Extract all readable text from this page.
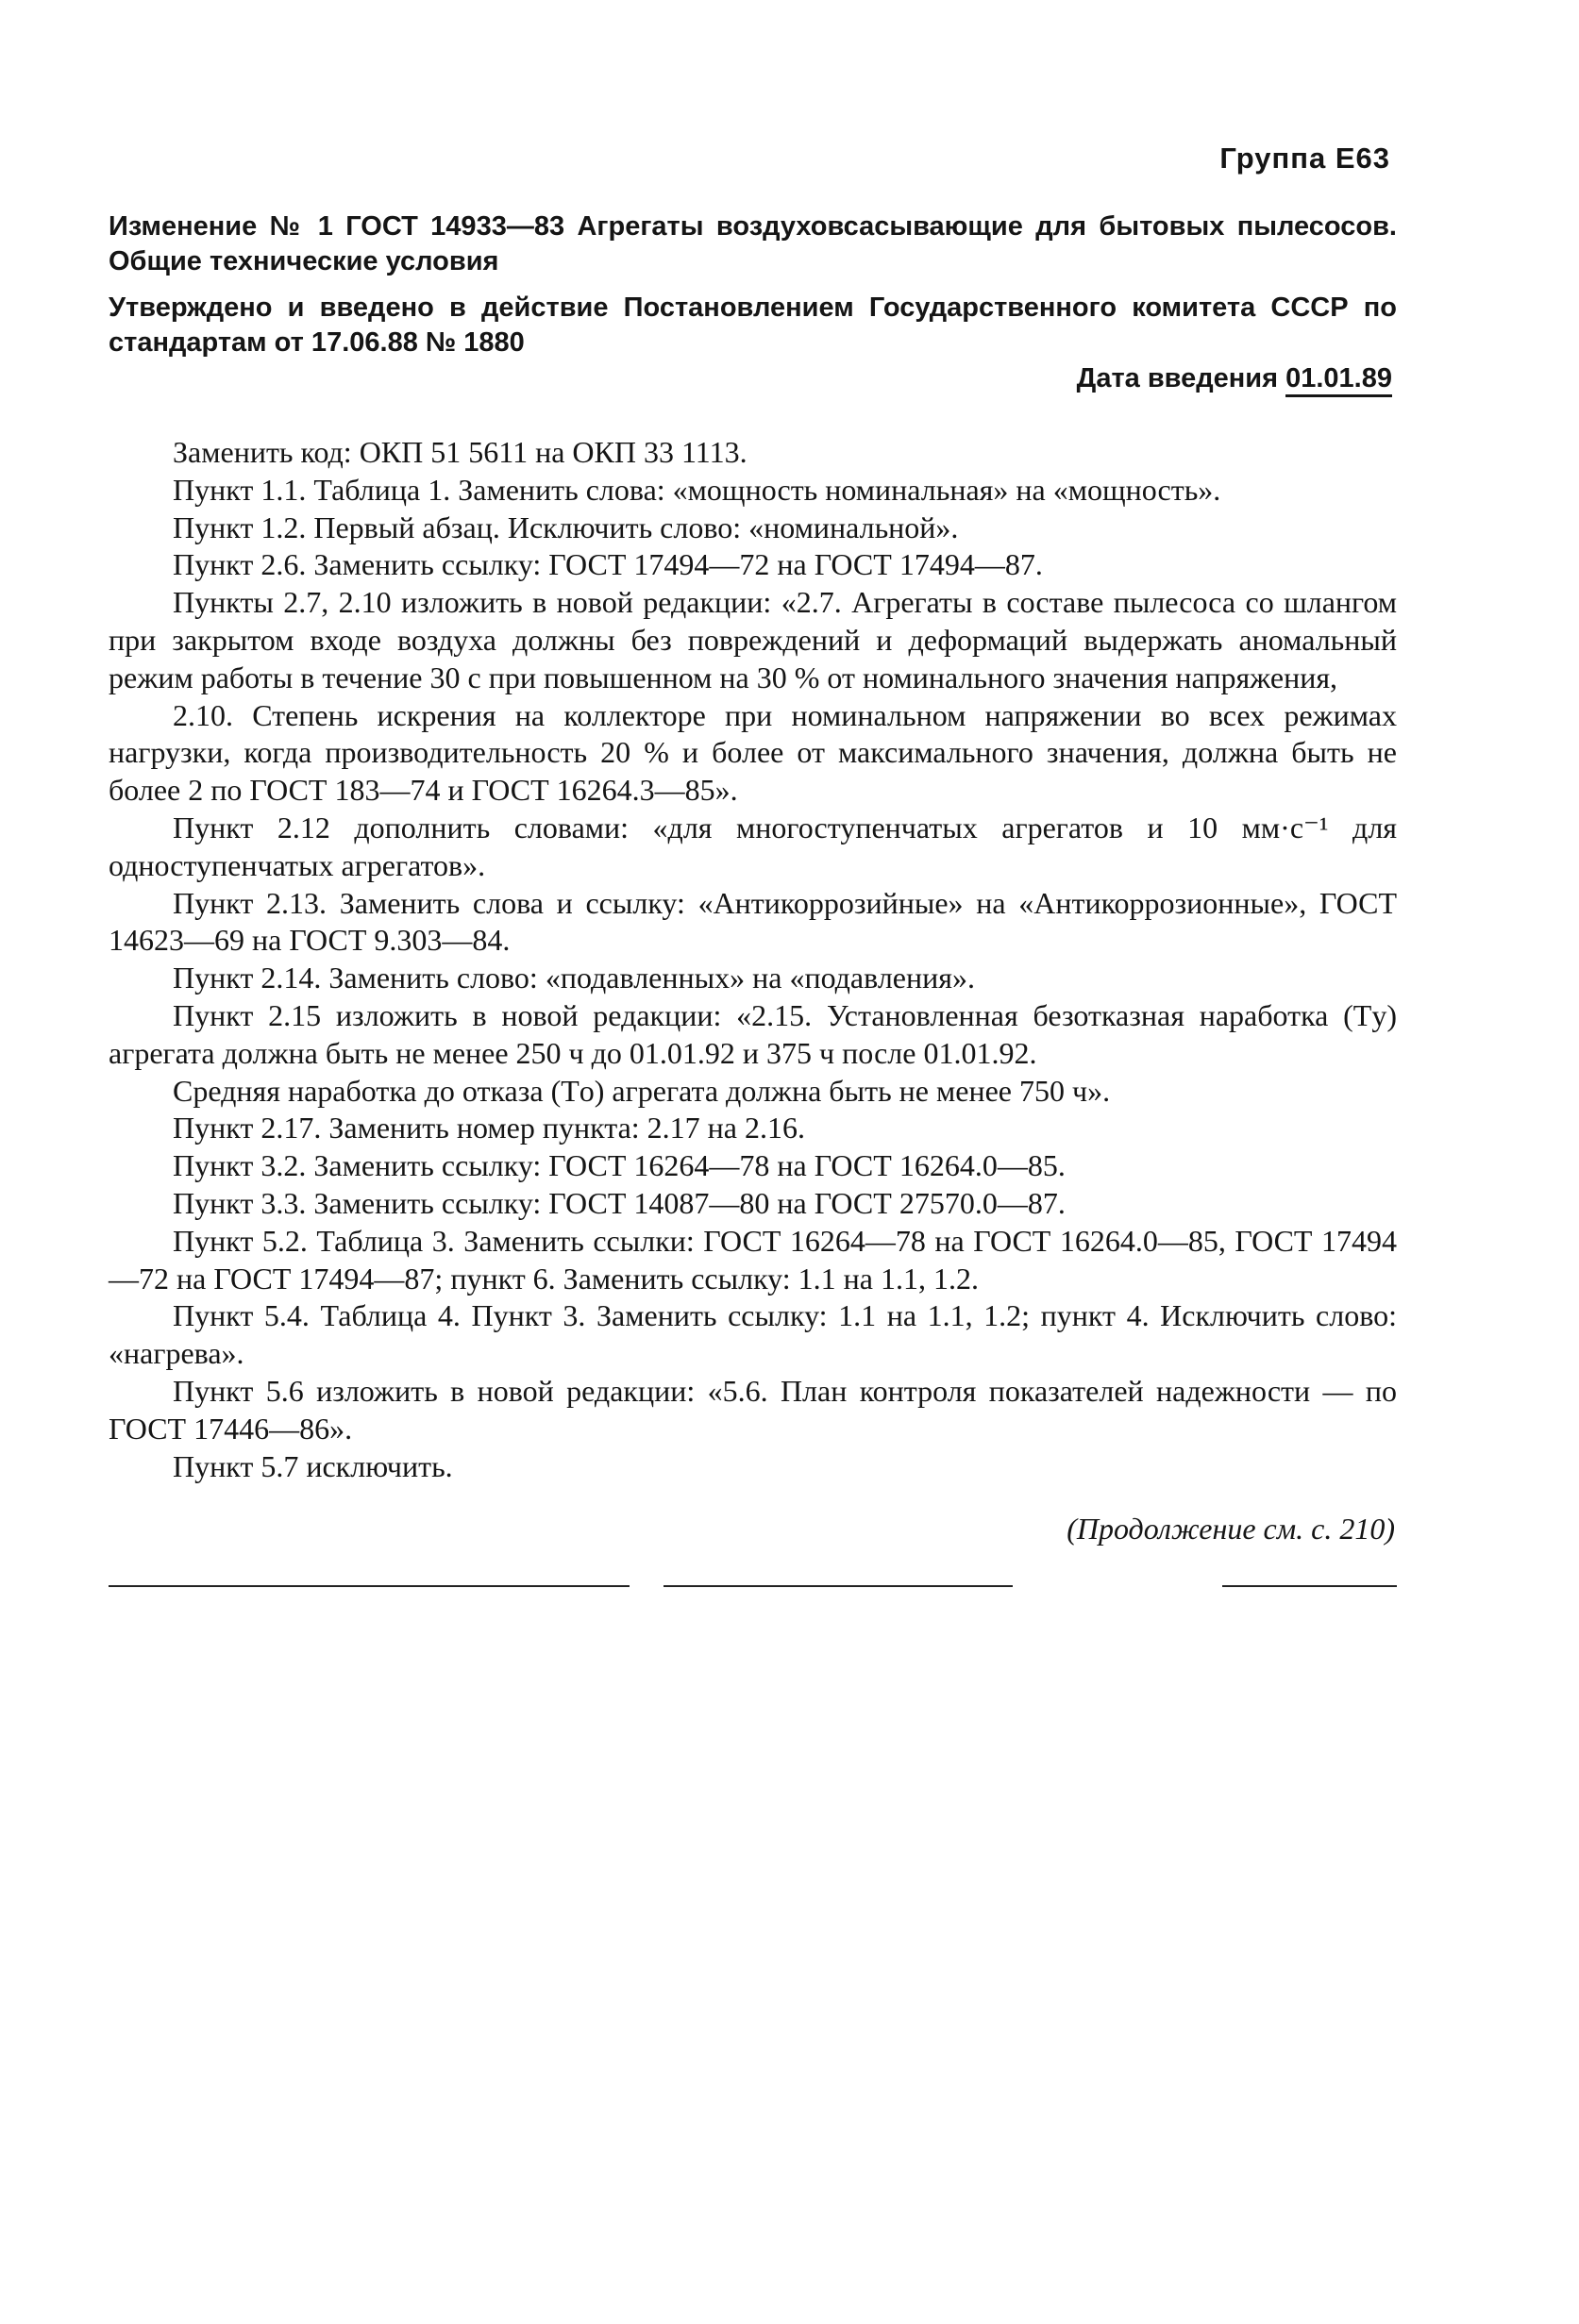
Группа Е63
Изменение № 1 ГОСТ 14933—83 Агрегаты воздуховсасывающие для бытовых пылесосов. Общие технические условия
Утверждено и введено в действие Постановлением Государственного комитета СССР по стандартам от 17.06.88 № 1880
Дата введения 01.01.89

Заменить код: ОКП 51 5611 на ОКП 33 1113.

Пункт 1.1. Таблица 1. Заменить слова: «мощность номинальная» на «мощность».

Пункт 1.2. Первый абзац. Исключить слово: «номинальной».

Пункт 2.6. Заменить ссылку: ГОСТ 17494—72 на ГОСТ 17494—87.

Пункты 2.7, 2.10 изложить в новой редакции: «2.7. Агрегаты в составе пылесоса со шлангом при закрытом входе воздуха должны без повреждений и деформаций выдержать аномальный режим работы в течение 30 с при повышенном на 30 % от номинального значения напряжения,

2.10. Степень искрения на коллекторе при номинальном напряжении во всех режимах нагрузки, когда производительность 20 % и более от максимального значения, должна быть не более 2 по ГОСТ 183—74 и ГОСТ 16264.3—85».

Пункт 2.12 дополнить словами: «для многоступенчатых агрегатов и 10 мм·с⁻¹ для одноступенчатых агрегатов».

Пункт 2.13. Заменить слова и ссылку: «Антикоррозийные» на «Антикоррозионные», ГОСТ 14623—69 на ГОСТ 9.303—84.

Пункт 2.14. Заменить слово: «подавленных» на «подавления».

Пункт 2.15 изложить в новой редакции: «2.15. Установленная безотказная наработка (Tу) агрегата должна быть не менее 250 ч до 01.01.92 и 375 ч после 01.01.92.

Средняя наработка до отказа (Tо) агрегата должна быть не менее 750 ч».

Пункт 2.17. Заменить номер пункта: 2.17 на 2.16.

Пункт 3.2. Заменить ссылку: ГОСТ 16264—78 на ГОСТ 16264.0—85.

Пункт 3.3. Заменить ссылку: ГОСТ 14087—80 на ГОСТ 27570.0—87.

Пункт 5.2. Таблица 3. Заменить ссылки: ГОСТ 16264—78 на ГОСТ 16264.0—85, ГОСТ 17494—72 на ГОСТ 17494—87; пункт 6. Заменить ссылку: 1.1 на 1.1, 1.2.

Пункт 5.4. Таблица 4. Пункт 3. Заменить ссылку: 1.1 на 1.1, 1.2; пункт 4. Исключить слово: «нагрева».

Пункт 5.6 изложить в новой редакции: «5.6. План контроля показателей надежности — по ГОСТ 17446—86».

Пункт 5.7 исключить.

(Продолжение см. с. 210)
